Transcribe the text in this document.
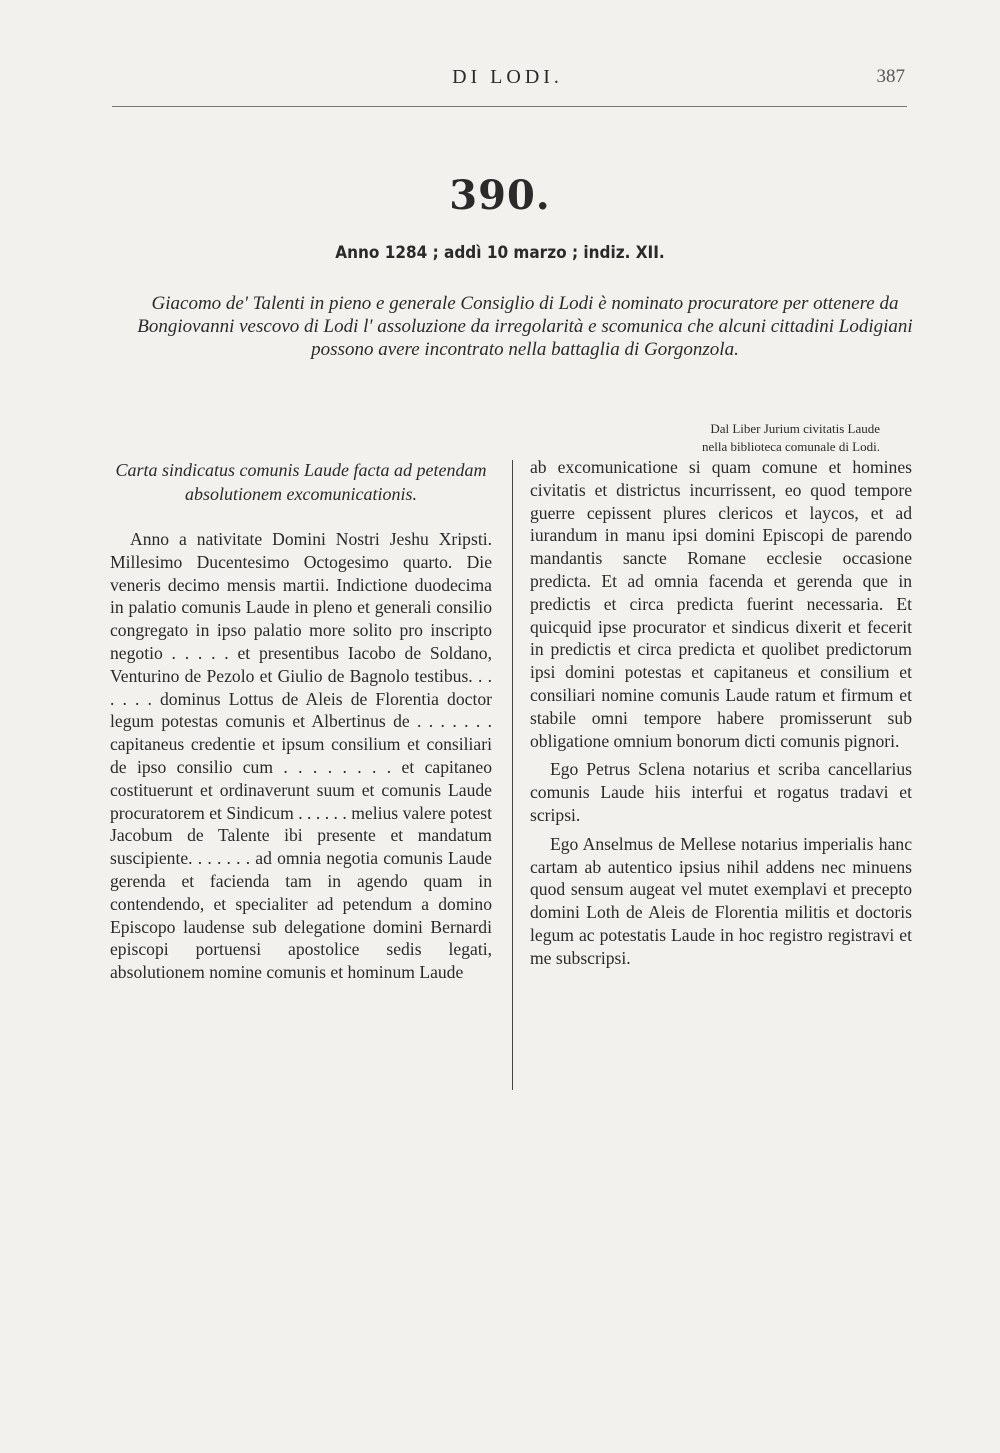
DI LODI.	387
390.
Anno 1284 ; addì 10 marzo ; indiz. XII.
Giacomo de' Talenti in pieno e generale Consiglio di Lodi è nominato procuratore per ottenere da Bongiovanni vescovo di Lodi l' assoluzione da irregolarità e scomunica che alcuni cittadini Lodigiani possono avere incontrato nella battaglia di Gorgonzola.
Dal Liber Jurium civitatis Laude
nella biblioteca comunale di Lodi.
Carta sindicatus comunis Laude facta ad petendam absolutionem excomunicationis.

Anno a nativitate Domini Nostri Jeshu Xripsti. Millesimo Ducentesimo Octogesimo quarto. Die veneris decimo mensis martii. Indictione duodecima in palatio comunis Laude in pleno et generali consilio congregato in ipso palatio more solito pro inscripto negotio . . . . . et presentibus Iacobo de Soldano, Venturino de Pezolo et Giulio de Bagnolo testibus. . . . . . . dominus Lottus de Aleis de Florentia doctor legum potestas comunis et Albertinus de . . . . . . . capitaneus credentie et ipsum consilium et consiliari de ipso consilio cum . . . . . . . . et capitaneo costituerunt et ordinaverunt suum et comunis Laude procuratorem et Sindicum . . . . . . melius valere potest Jacobum de Talente ibi presente et mandatum suscipiente. . . . . . . ad omnia negotia comunis Laude gerenda et facienda tam in agendo quam in contendendo, et specialiter ad petendum a domino Episcopo laudense sub delegatione domini Bernardi episcopi portuensi apostolice sedis legati, absolutionem nomine comunis et hominum Laude

ab excomunicatione si quam comune et homines civitatis et districtus incurrissent, eo quod tempore guerre cepissent plures clericos et laycos, et ad iurandum in manu ipsi domini Episcopi de parendo mandantis sancte Romane ecclesie occasione predicta. Et ad omnia facenda et gerenda que in predictis et circa predicta fuerint necessaria. Et quicquid ipse procurator et sindicus dixerit et fecerit in predictis et circa predicta et quolibet predictorum ipsi domini potestas et capitaneus et consilium et consiliari nomine comunis Laude ratum et firmum et stabile omni tempore habere promisserunt sub obligatione omnium bonorum dicti comunis pignori.

Ego Petrus Sclena notarius et scriba cancellarius comunis Laude hiis interfui et rogatus tradavi et scripsi.

Ego Anselmus de Mellese notarius imperialis hanc cartam ab autentico ipsius nihil addens nec minuens quod sensum augeat vel mutet exemplavi et precepto domini Loth de Aleis de Florentia militis et doctoris legum ac potestatis Laude in hoc registro registravi et me subscripsi.
